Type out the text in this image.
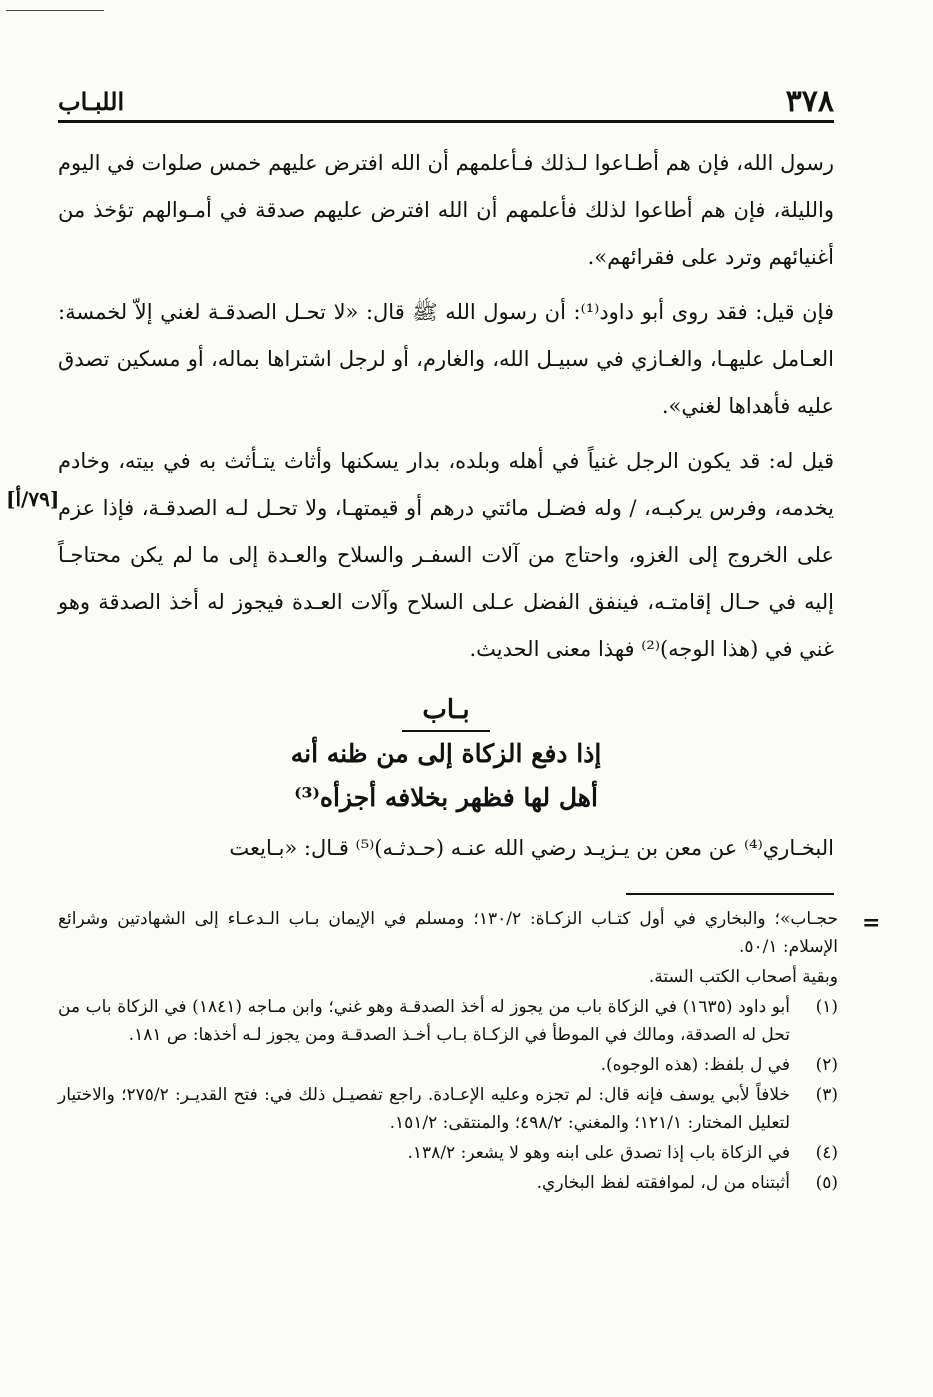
٣٧٨
اللبـاب

رسول الله، فإن هم أطـاعوا لـذلك فـأعلمهم أن الله افترض عليهم خمس صلوات في اليوم والليلة، فإن هم أطاعوا لذلك فأعلمهم أن الله افترض عليهم صدقة في أمـوالهم تؤخذ من أغنيائهم وترد على فقرائهم».

فإن قيل: فقد روى أبو داود⁽¹⁾: أن رسول الله ﷺ قال: «لا تحـل الصدقـة لغني إلاّ لخمسة: العـامل عليهـا، والغـازي في سبيـل الله، والغارم، أو لرجل اشتراها بماله، أو مسكين تصدق عليه فأهداها لغني».

قيل له: قد يكون الرجل غنياً في أهله وبلده، بدار يسكنها وأثاث يتـأثث به في بيته، وخادم يخدمه، وفرس يركبـه، / وله فضـل مائتي درهم أو قيمتهـا، ولا تحـل لـه الصدقـة، فإذا عزم على الخروج إلى الغزو، واحتاج من آلات السفـر والسلاح والعـدة إلى ما لم يكن محتاجـاً إليه في حـال إقامتـه، فينفق الفضل عـلى السلاح وآلات العـدة فيجوز له أخذ الصدقة وهو غني في (هذا الوجه)⁽²⁾ فهذا معنى الحديث.

[٧٩/أ]
بـاب
إذا دفع الزكاة إلى من ظنه أنه
أهل لها فظهر بخلافه أجزأه⁽³⁾
البخـاري⁽⁴⁾ عن معن بن يـزيـد رضي الله عنـه (حـدثـه)⁽⁵⁾ قـال: «بـايعت
=

حجـاب»؛ والبخاري في أول كتـاب الزكـاة: ١٣٠/٢؛ ومسلم في الإيمان بـاب الـدعـاء إلى الشهادتين وشرائع الإسلام: ٥٠/١.

وبقية أصحاب الكتب الستة.

(١)
أبو داود (١٦٣٥) في الزكاة باب من يجوز له أخذ الصدقـة وهو غني؛ وابن مـاجه (١٨٤١) في الزكاة باب من تحل له الصدقة، ومالك في الموطأ في الزكـاة بـاب أخـذ الصدقـة ومن يجوز لـه أخذها: ص ١٨١.
(٢)
في ل بلفظ: (هذه الوجوه).
(٣)
خلافاً لأبي يوسف فإنه قال: لم تجزه وعليه الإعـادة. راجع تفصيـل ذلك في: فتح القديـر: ٢٧٥/٢؛ والاختيار لتعليل المختار: ١٢١/١؛ والمغني: ٤٩٨/٢؛ والمنتقى: ١٥١/٢.
(٤)
في الزكاة باب إذا تصدق على ابنه وهو لا يشعر: ١٣٨/٢.
(٥)
أثبتناه من ل، لموافقته لفظ البخاري.
